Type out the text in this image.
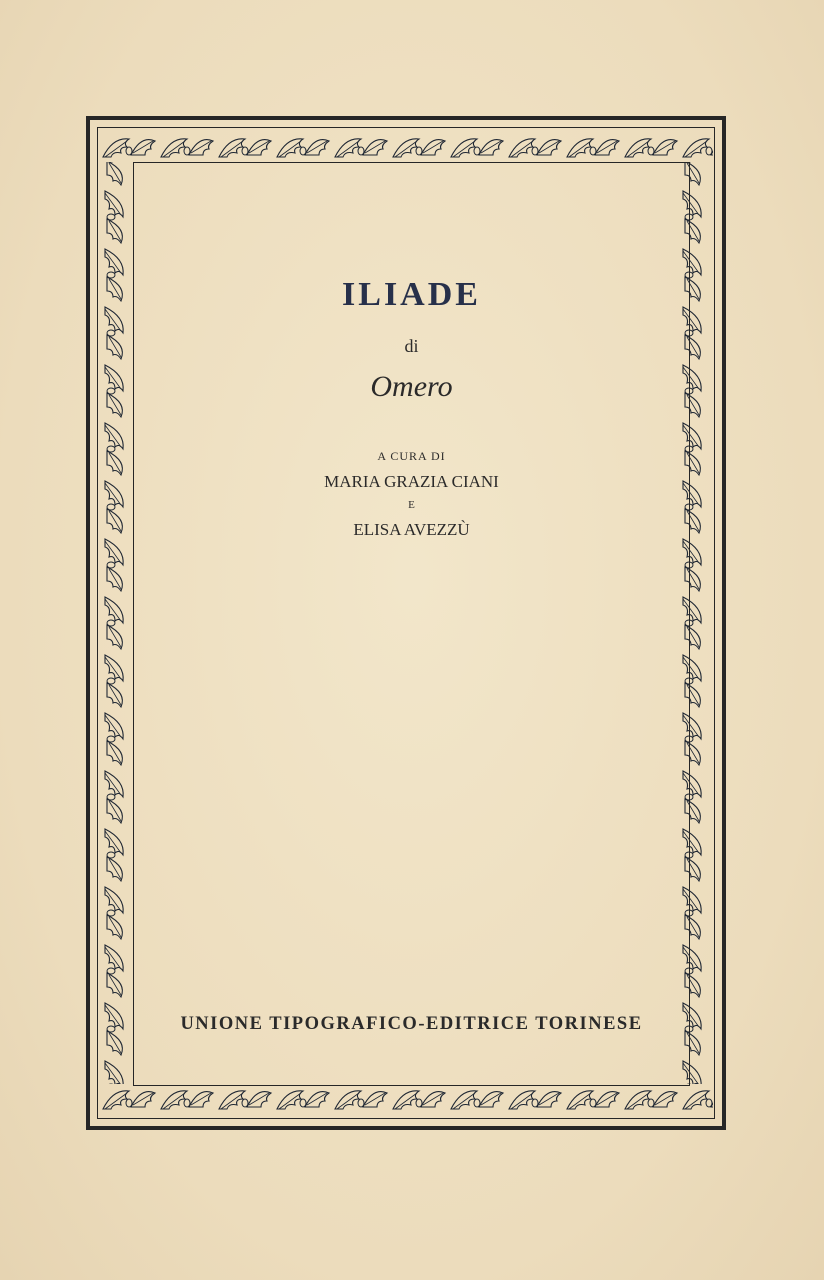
ILIADE
di
Omero
A CURA DI
MARIA GRAZIA CIANI
E
ELISA AVEZZÙ
UNIONE TIPOGRAFICO-EDITRICE TORINESE
